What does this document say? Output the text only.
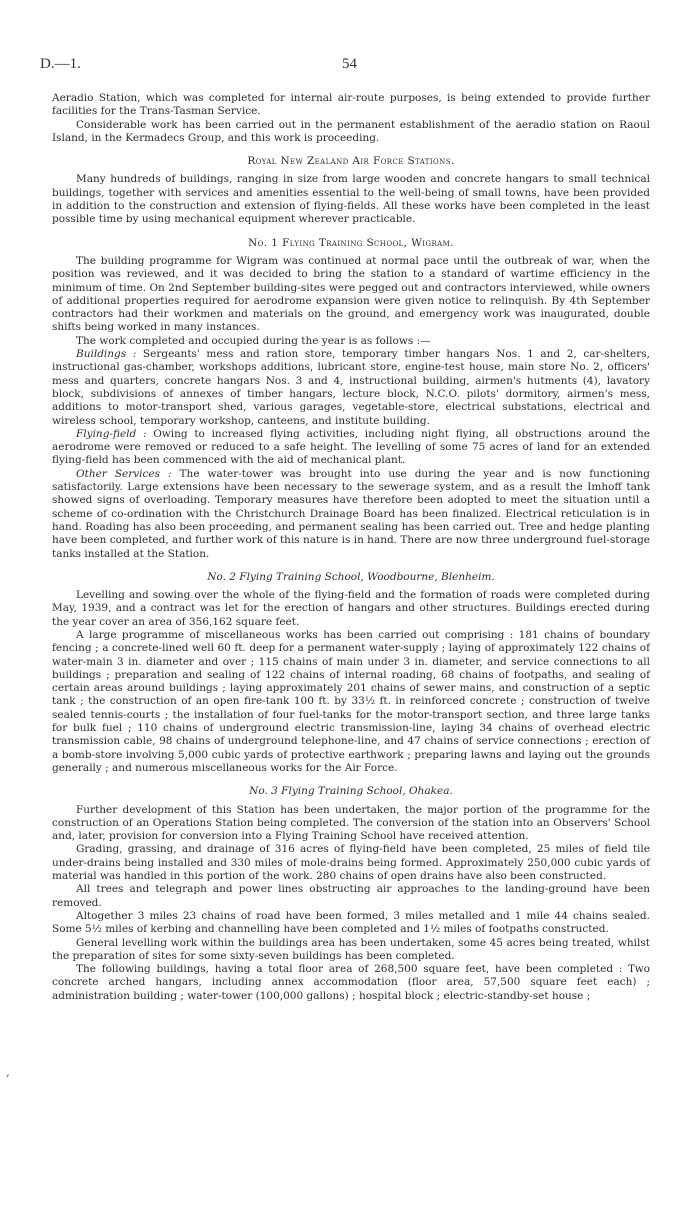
D.—1.	54

Aeradio Station, which was completed for internal air-route purposes, is being extended to provide further facilities for the Trans-Tasman Service.

Considerable work has been carried out in the permanent establishment of the aeradio station on Raoul Island, in the Kermadecs Group, and this work is proceeding.

Royal New Zealand Air Force Stations.

Many hundreds of buildings, ranging in size from large wooden and concrete hangars to small technical buildings, together with services and amenities essential to the well-being of small towns, have been provided in addition to the construction and extension of flying-fields. All these works have been completed in the least possible time by using mechanical equipment wherever practicable.

No. 1 Flying Training School, Wigram.

The building programme for Wigram was continued at normal pace until the outbreak of war, when the position was reviewed, and it was decided to bring the station to a standard of wartime efficiency in the minimum of time. On 2nd September building-sites were pegged out and contractors interviewed, while owners of additional properties required for aerodrome expansion were given notice to relinquish. By 4th September contractors had their workmen and materials on the ground, and emergency work was inaugurated, double shifts being worked in many instances.

The work completed and occupied during the year is as follows :—

Buildings : Sergeants' mess and ration store, temporary timber hangars Nos. 1 and 2, car-shelters, instructional gas-chamber, workshops additions, lubricant store, engine-test house, main store No. 2, officers' mess and quarters, concrete hangars Nos. 3 and 4, instructional building, airmen's hutments (4), lavatory block, subdivisions of annexes of timber hangars, lecture block, N.C.O. pilots' dormitory, airmen's mess, additions to motor-transport shed, various garages, vegetable-store, electrical substations, electrical and wireless school, temporary workshop, canteens, and institute building.

Flying-field : Owing to increased flying activities, including night flying, all obstructions around the aerodrome were removed or reduced to a safe height. The levelling of some 75 acres of land for an extended flying-field has been commenced with the aid of mechanical plant.

Other Services : The water-tower was brought into use during the year and is now functioning satisfactorily. Large extensions have been necessary to the sewerage system, and as a result the Imhoff tank showed signs of overloading. Temporary measures have therefore been adopted to meet the situation until a scheme of co-ordination with the Christchurch Drainage Board has been finalized. Electrical reticulation is in hand. Roading has also been proceeding, and permanent sealing has been carried out. Tree and hedge planting have been completed, and further work of this nature is in hand. There are now three underground fuel-storage tanks installed at the Station.

No. 2 Flying Training School, Woodbourne, Blenheim.

Levelling and sowing over the whole of the flying-field and the formation of roads were completed during May, 1939, and a contract was let for the erection of hangars and other structures. Buildings erected during the year cover an area of 356,162 square feet.

A large programme of miscellaneous works has been carried out comprising : 181 chains of boundary fencing ; a concrete-lined well 60 ft. deep for a permanent water-supply ; laying of approximately 122 chains of water-main 3 in. diameter and over ; 115 chains of main under 3 in. diameter, and service connections to all buildings ; preparation and sealing of 122 chains of internal roading, 68 chains of footpaths, and sealing of certain areas around buildings ; laying approximately 201 chains of sewer mains, and construction of a septic tank ; the construction of an open fire-tank 100 ft. by 33½ ft. in reinforced concrete ; construction of twelve sealed tennis-courts ; the installation of four fuel-tanks for the motor-transport section, and three large tanks for bulk fuel ; 110 chains of underground electric transmission-line, laying 34 chains of overhead electric transmission cable, 98 chains of underground telephone-line, and 47 chains of service connections ; erection of a bomb-store involving 5,000 cubic yards of protective earthwork ; preparing lawns and laying out the grounds generally ; and numerous miscellaneous works for the Air Force.

No. 3 Flying Training School, Ohakea.

Further development of this Station has been undertaken, the major portion of the programme for the construction of an Operations Station being completed. The conversion of the station into an Observers' School and, later, provision for conversion into a Flying Training School have received attention.

Grading, grassing, and drainage of 316 acres of flying-field have been completed, 25 miles of field tile under-drains being installed and 330 miles of mole-drains being formed. Approximately 250,000 cubic yards of material was handled in this portion of the work. 280 chains of open drains have also been constructed.

All trees and telegraph and power lines obstructing air approaches to the landing-ground have been removed.

Altogether 3 miles 23 chains of road have been formed, 3 miles metalled and 1 mile 44 chains sealed. Some 5½ miles of kerbing and channelling have been completed and 1½ miles of footpaths constructed.

General levelling work within the buildings area has been undertaken, some 45 acres being treated, whilst the preparation of sites for some sixty-seven buildings has been completed.

The following buildings, having a total floor area of 268,500 square feet, have been completed : Two concrete arched hangars, including annex accommodation (floor area, 57,500 square feet each) ; administration building ; water-tower (100,000 gallons) ; hospital block ; electric-standby-set house ;

,
